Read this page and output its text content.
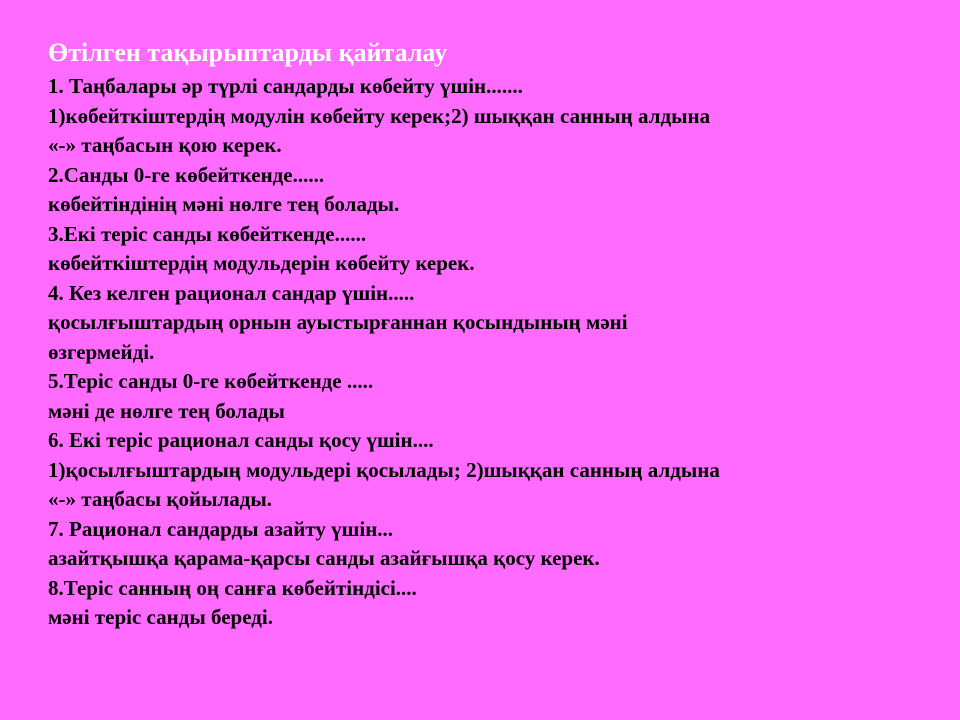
Өтілген тақырыптарды қайталау

1. Таңбалары әр түрлі сандарды көбейту үшін.......

1)көбейткіштердің модулін көбейту керек;2) шыққан санның алдына

«-» таңбасын қою керек.

2.Санды 0-ге көбейткенде......

көбейтіндінің мәні нөлге тең болады.

3.Екі теріс санды көбейткенде......

көбейткіштердің модульдерін көбейту керек.

4. Кез келген рационал сандар үшін.....

қосылғыштардың орнын ауыстырғаннан қосындының мәні

өзгермейді.

5.Теріс санды 0-ге көбейткенде .....

мәні де нөлге тең болады

6. Екі теріс рационал санды қосу үшін....

1)қосылғыштардың модульдері қосылады; 2)шыққан санның алдына

«-» таңбасы қойылады.

7. Рационал сандарды азайту үшін...

азайтқышқа қарама-қарсы санды азайғышқа қосу керек.

8.Теріс санның оң санға көбейтіндісі....

мәні теріс санды береді.
